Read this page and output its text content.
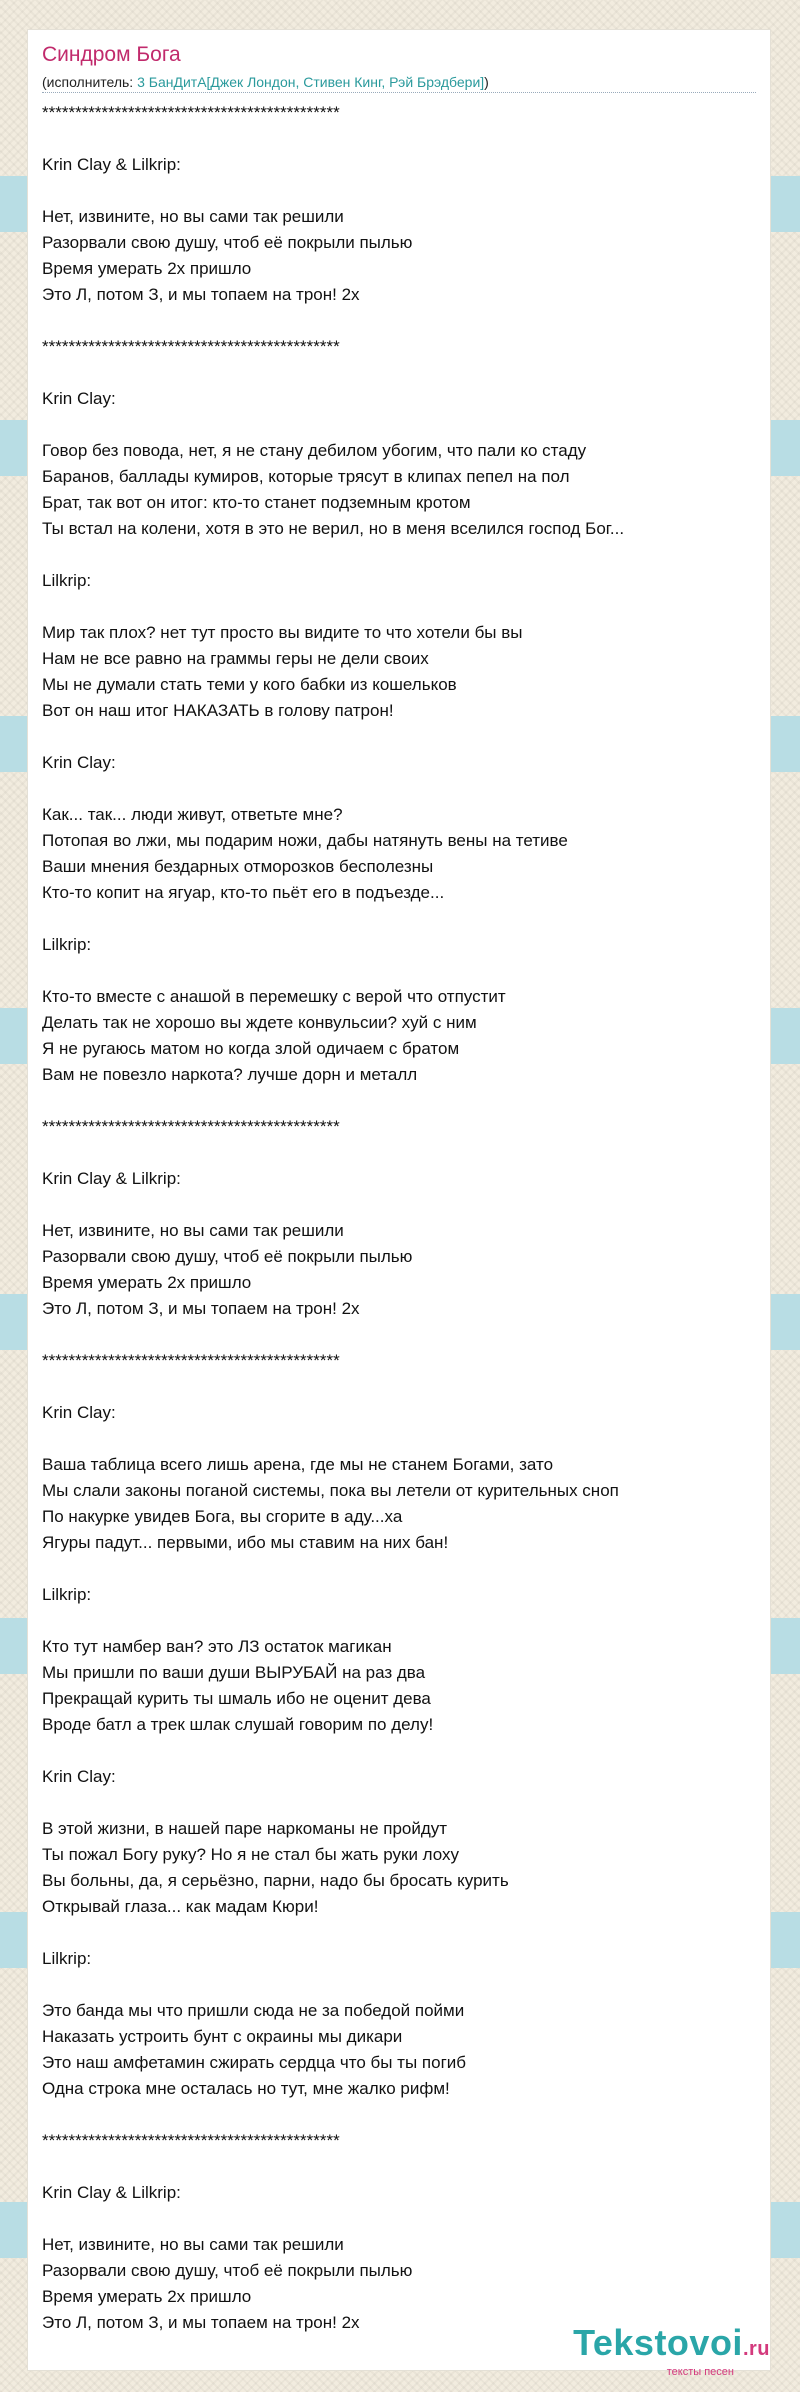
Синдром Бога
(исполнитель: 3 БанДитА[Джек Лондон, Стивен Кинг, Рэй Брэдбери])
*********************************************

Krin Clay & Lilkrip:

Нет, извините, но вы сами так решили
Разорвали свою душу, чтоб её покрыли пылью
Время умерать 2х пришло
Это Л, потом З, и мы топаем на трон! 2х

*********************************************

Krin Clay:

Говор без повода, нет, я не стану дебилом убогим, что пали ко стаду
Баранов, баллады кумиров, которые трясут в клипах пепел на пол
Брат, так вот он итог: кто-то станет подземным кротом
Ты встал на колени, хотя в это не верил, но в меня вселился господ Бог...

Lilkrip:

Мир так плох? нет тут просто вы видите то что хотели бы вы
Нам не все равно на граммы геры не дели своих
Мы не думали стать теми у кого бабки из кошельков
Вот он наш итог НАКАЗАТЬ в голову патрон!

Krin Clay:

Как... так... люди живут, ответьте мне?
Потопая во лжи, мы подарим ножи, дабы натянуть вены на тетиве
Ваши мнения бездарных отморозков бесполезны
Кто-то копит на ягуар, кто-то пьёт его в подъезде...

Lilkrip:

Кто-то вместе с анашой в перемешку с верой что отпустит
Делать так не хорошо вы ждете конвульсии? хуй с ним
Я не ругаюсь матом но когда злой одичаем с братом
Вам не повезло наркота? лучше дорн и металл

*********************************************

Krin Clay & Lilkrip:

Нет, извините, но вы сами так решили
Разорвали свою душу, чтоб её покрыли пылью
Время умерать 2х пришло
Это Л, потом З, и мы топаем на трон! 2х

*********************************************

Krin Clay:

Ваша таблица всего лишь арена, где мы не станем Богами, зато
Мы слали законы поганой системы, пока вы летели от курительных сноп
По накурке увидев Бога, вы сгорите в аду...ха
Ягуры падут... первыми, ибо мы ставим на них бан!

Lilkrip:

Кто тут намбер ван? это ЛЗ остаток магикан
Мы пришли по ваши души ВЫРУБАЙ на раз два
Прекращай курить ты шмаль ибо не оценит дева
Вроде батл а трек шлак слушай говорим по делу!

Krin Clay:

В этой жизни, в нашей паре наркоманы не пройдут
Ты пожал Богу руку? Но я не стал бы жать руки лоху
Вы больны, да, я серьёзно, парни, надо бы бросать курить
Открывай глаза... как мадам Кюри!

Lilkrip:

Это банда мы что пришли сюда не за победой пойми
Наказать устроить бунт с окраины мы дикари
Это наш амфетамин сжирать сердца что бы ты погиб
Одна строка мне осталась но тут, мне жалко рифм!

*********************************************

Krin Clay & Lilkrip:

Нет, извините, но вы сами так решили
Разорвали свою душу, чтоб её покрыли пылью
Время умерать 2х пришло
Это Л, потом З, и мы топаем на трон! 2х	Tekstovoi.ru
тексты песен
